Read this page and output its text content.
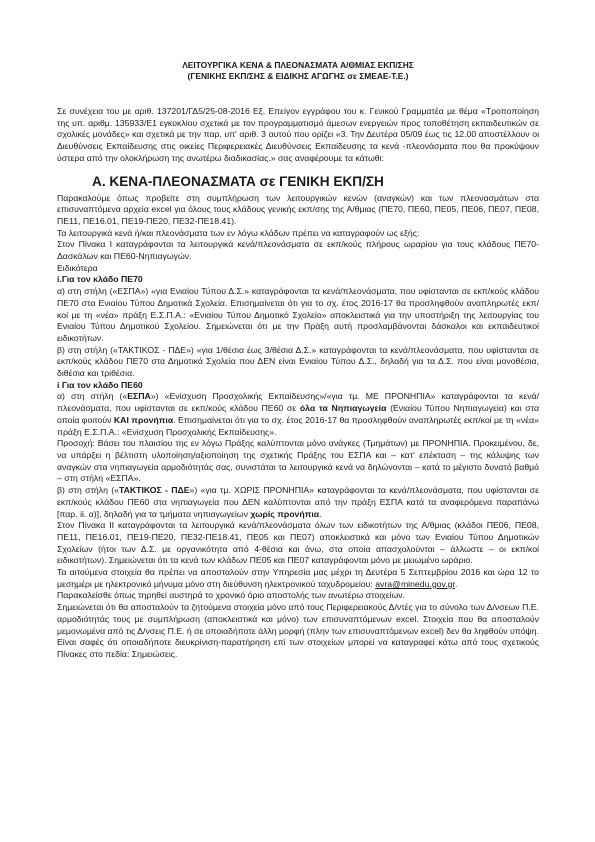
ΛΕΙΤΟΥΡΓΙΚΑ ΚΕΝΑ & ΠΛΕΟΝΑΣΜΑΤΑ Α/ΘΜΙΑΣ ΕΚΠ/ΣΗΣ
(ΓΕΝΙΚΗΣ ΕΚΠ/ΣΗΣ & ΕΙΔΙΚΗΣ ΑΓΩΓΗΣ σε ΣΜΕΑΕ-Τ.Ε.)

Σε συνέχεια του με αριθ. 137201/ΓΔ5/25-08-2016 Εξ. Επείγον εγγράφου του κ. Γενικού Γραμματέα με θέμα «Τροποποίηση της υπ. αριθμ. 135933/Ε1 εγκυκλίου σχετικά με τον προγραμματισμό άμεσων ενεργειών προς τοποθέτηση εκπαιδευτικών σε σχολικές μονάδες» και σχετικά με την παρ. υπ' αριθ. 3 αυτού που ορίζει «3. Την Δευτέρα 05/09 έως τις 12.00 αποστέλλουν οι Διευθύνσεις Εκπαίδευσης στις οικείες Περιφερειακές Διευθύνσεις Εκπαίδευσης τα κενά -πλεονάσματα που θα προκύψουν ύστερα από την ολοκλήρωση της ανωτέρω διαδικασίας.» σας αναφέρουμε τα κάτωθι:

Α. ΚΕΝΑ-ΠΛΕΟΝΑΣΜΑΤΑ σε ΓΕΝΙΚΗ ΕΚΠ/ΣΗ

Παρακαλούμε όπως προβείτε στη συμπλήρωση των λειτουργικών κενών (αναγκών) και των πλεονασμάτων στα επισυναπτόμενα αρχεία excel για όλους τους κλάδους γενικής εκπ/σης της Α/θμιας (ΠΕ70, ΠΕ60, ΠΕ05, ΠΕ06, ΠΕ07, ΠΕ08, ΠΕ11, ΠΕ16.01, ΠΕ19-ΠΕ20, ΠΕ32-ΠΕ18.41).

Τα λειτουργικά κενά ή/και πλεονάσματα των εν λόγω κλάδων πρέπει να καταγραφούν ως εξής:

Στον Πίνακα Ι καταγράφονται τα λειτουργικά κενά/πλεονάσματα σε εκπ/κούς πλήρους ωραρίου για τους κλάδους ΠΕ70-Δασκάλων και ΠΕ60-Νηπιαγωγών.

Ειδικότερα

i.Για τον κλάδο ΠΕ70

α) στη στήλη («ΕΣΠΑ») «για Ενιαίου Τύπου Δ.Σ.» καταγράφονται τα κενά/πλεονάσματα, που υφίστανται σε εκπ/κούς κλάδου ΠΕ70 στα Ενιαίου Τύπου Δημοτικά Σχολεία. Επισημαίνεται ότι για το σχ. έτος 2016-17 θα προσληφθούν αναπληρωτές εκπ/κοί με τη «νέα» πράξη Ε.Σ.Π.Α.: «Ενιαίου Τύπου Δημοτικό Σχολείο» αποκλειστικά για την υποστήριξη της λειτουργίας του Ενιαίου Τύπου Δημοτικού Σχολείου. Σημειώνεται ότι με την Πράξη αυτή προσλαμβάνονται δάσκαλοι και εκπαιδευτικοί ειδικοτήτων.

β) στη στήλη («ΤΑΚΤΙΚΟΣ - ΠΔΕ») «για 1/θέσια έως 3/θέσια Δ.Σ.» καταγράφονται τα κενά/πλεονάσματα, που υφίστανται σε εκπ/κούς κλάδου ΠΕ70 στα Δημοτικά Σχολεία που ΔΕΝ είναι Ενιαίου Τύπου Δ.Σ., δηλαδή για τα Δ.Σ. που είναι μονοθέσια, διθέσια και τριθέσια.

i Για τον κλάδο ΠΕ60

α) στη στήλη («ΕΣΠΑ») «Ενίσχυση Προσχολικής Εκπαίδευσης»/«για τμ. ΜΕ ΠΡΟΝΗΠΙΑ» καταγράφονται τα κενά/πλεονάσματα, που υφίστανται σε εκπ/κούς κλάδου ΠΕ60 σε όλα τα Νηπιαγωγεία (Ενιαίου Τύπου Νηπιαγωγεία) και στα οποία φοιτούν ΚΑΙ προνήπια. Επισημαίνεται ότι για το σχ. έτος 2016-17 θα προσληφθούν αναπληρωτές εκπ/κοί με τη «νέα» πράξη Ε.Σ.Π.Α.: «Ενίσχυση Προσχολικής Εκπαίδευσης».

Προσοχή: Βάσει του πλαισίου της εν λόγω Πράξης καλύπτονται μόνο ανάγκες (Τμημάτων) με ΠΡΟΝΗΠΙΑ. Προκειμένου, δε, να υπάρξει η βέλτιστη υλοποίηση/αξιοποίηση της σχετικής Πράξης του ΕΣΠΑ και – κατ' επέκταση – της κάλυψης των αναγκών στα νηπιαγωγεία αρμοδιότητάς σας, συνιστάται τα λειτουργικά κενά να δηλώνονται – κατά το μέγιστο δυνατό βαθμό – στη στήλη «ΕΣΠΑ».

β) στη στήλη («ΤΑΚΤΙΚΟΣ - ΠΔΕ») «για τμ. ΧΩΡΙΣ ΠΡΟΝΗΠΙΑ» καταγράφονται τα κενά/πλεονάσματα, που υφίστανται σε εκπ/κούς κλάδου ΠΕ60 στα νηπιαγωγεία που ΔΕΝ καλύπτονται από την πράξη ΕΣΠΑ κατά τα αναφερόμενα παραπάνω [παρ. ii. α)], δηλαδή για τα τμήματα νηπιαγωγείων χωρίς προνήπια.

Στον Πίνακα ΙΙ καταγράφονται τα λειτουργικά κενά/πλεονάσματα όλων των ειδικοτήτων της Α/θμιας (κλάδοι ΠΕ06, ΠΕ08, ΠΕ11, ΠΕ16.01, ΠΕ19-ΠΕ20, ΠΕ32-ΠΕ18.41, ΠΕ05 και ΠΕ07) αποκλειστικά και μόνο των Ενιαίου Τύπου Δημοτικών Σχολείων (ήτοι των Δ.Σ. με οργανικότητα από 4-θέσια και άνω, στα οποία απασχολούνται – άλλωστε – οι εκπ/κοί ειδικοτήτων). Σημειώνεται ότι τα κενά των κλάδων ΠΕ05 και ΠΕ07 καταγράφονται μόνο με μειωμένο ωράριο.

Τα αιτούμενα στοιχεία θα πρέπει να αποσταλούν στην Υπηρεσία μας μέχρι τη Δευτέρα 5 Σεπτεμβρίου 2016 και ώρα 12 το μεσημέρι με ηλεκτρονικό μήνυμα μόνο στη διεύθυνση ηλεκτρονικού ταχυδρομείου: avra@minedu.gov.gr.

Παρακαλείσθε όπως τηρηθεί αυστηρά το χρονικό όριο αποστολής των ανωτέρω στοιχείων.

Σημειώνεται ότι θα αποσταλούν τα ζητούμενα στοιχεία μόνο από τους Περιφερειακούς Δ/ντές για το σύνολο των Δ/νσεων Π.Ε. αρμοδιότητάς τους με συμπλήρωση (αποκλειστικά και μόνο) των επισυναπτόμενων excel. Στοιχεία που θα αποσταλούν μεμονωμένα από τις Δ/νσεις Π.Ε. ή σε οποιαδήποτε άλλη μορφή (πλην των επισυναπτόμενων excel) δεν θα ληφθούν υπόψη.

Είναι σαφές ότι οποιαδήποτε διευκρίνιση-παρατήρηση επί των στοιχείων μπορεί να καταγραφεί κάτω από τους σχετικούς Πίνακες στο πεδία: Σημειώσεις.
